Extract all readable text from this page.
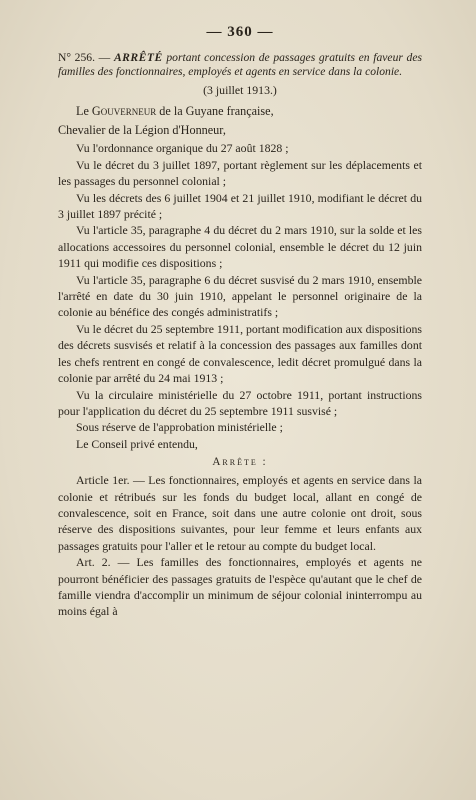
— 360 —

N° 256. — ARRÊTÉ portant concession de passages gratuits en faveur des familles des fonctionnaires, employés et agents en service dans la colonie.

(3 juillet 1913.)

Le Gouverneur de la Guyane française,

Chevalier de la Légion d'Honneur,

Vu l'ordonnance organique du 27 août 1828 ;

Vu le décret du 3 juillet 1897, portant règlement sur les déplacements et les passages du personnel colonial ;

Vu les décrets des 6 juillet 1904 et 21 juillet 1910, modifiant le décret du 3 juillet 1897 précité ;

Vu l'article 35, paragraphe 4 du décret du 2 mars 1910, sur la solde et les allocations accessoires du personnel colonial, ensemble le décret du 12 juin 1911 qui modifie ces dispositions ;

Vu l'article 35, paragraphe 6 du décret susvisé du 2 mars 1910, ensemble l'arrêté en date du 30 juin 1910, appelant le personnel originaire de la colonie au bénéfice des congés administratifs ;

Vu le décret du 25 septembre 1911, portant modification aux dispositions des décrets susvisés et relatif à la concession des passages aux familles dont les chefs rentrent en congé de convalescence, ledit décret promulgué dans la colonie par arrêté du 24 mai 1913 ;

Vu la circulaire ministérielle du 27 octobre 1911, portant instructions pour l'application du décret du 25 septembre 1911 susvisé ;

Sous réserve de l'approbation ministérielle ;

Le Conseil privé entendu,

Arrête :

Article 1er. — Les fonctionnaires, employés et agents en service dans la colonie et rétribués sur les fonds du budget local, allant en congé de convalescence, soit en France, soit dans une autre colonie ont droit, sous réserve des dispositions suivantes, pour leur femme et leurs enfants aux passages gratuits pour l'aller et le retour au compte du budget local.

Art. 2. — Les familles des fonctionnaires, employés et agents ne pourront bénéficier des passages gratuits de l'espèce qu'autant que le chef de famille viendra d'accomplir un minimum de séjour colonial ininterrompu au moins égal à
